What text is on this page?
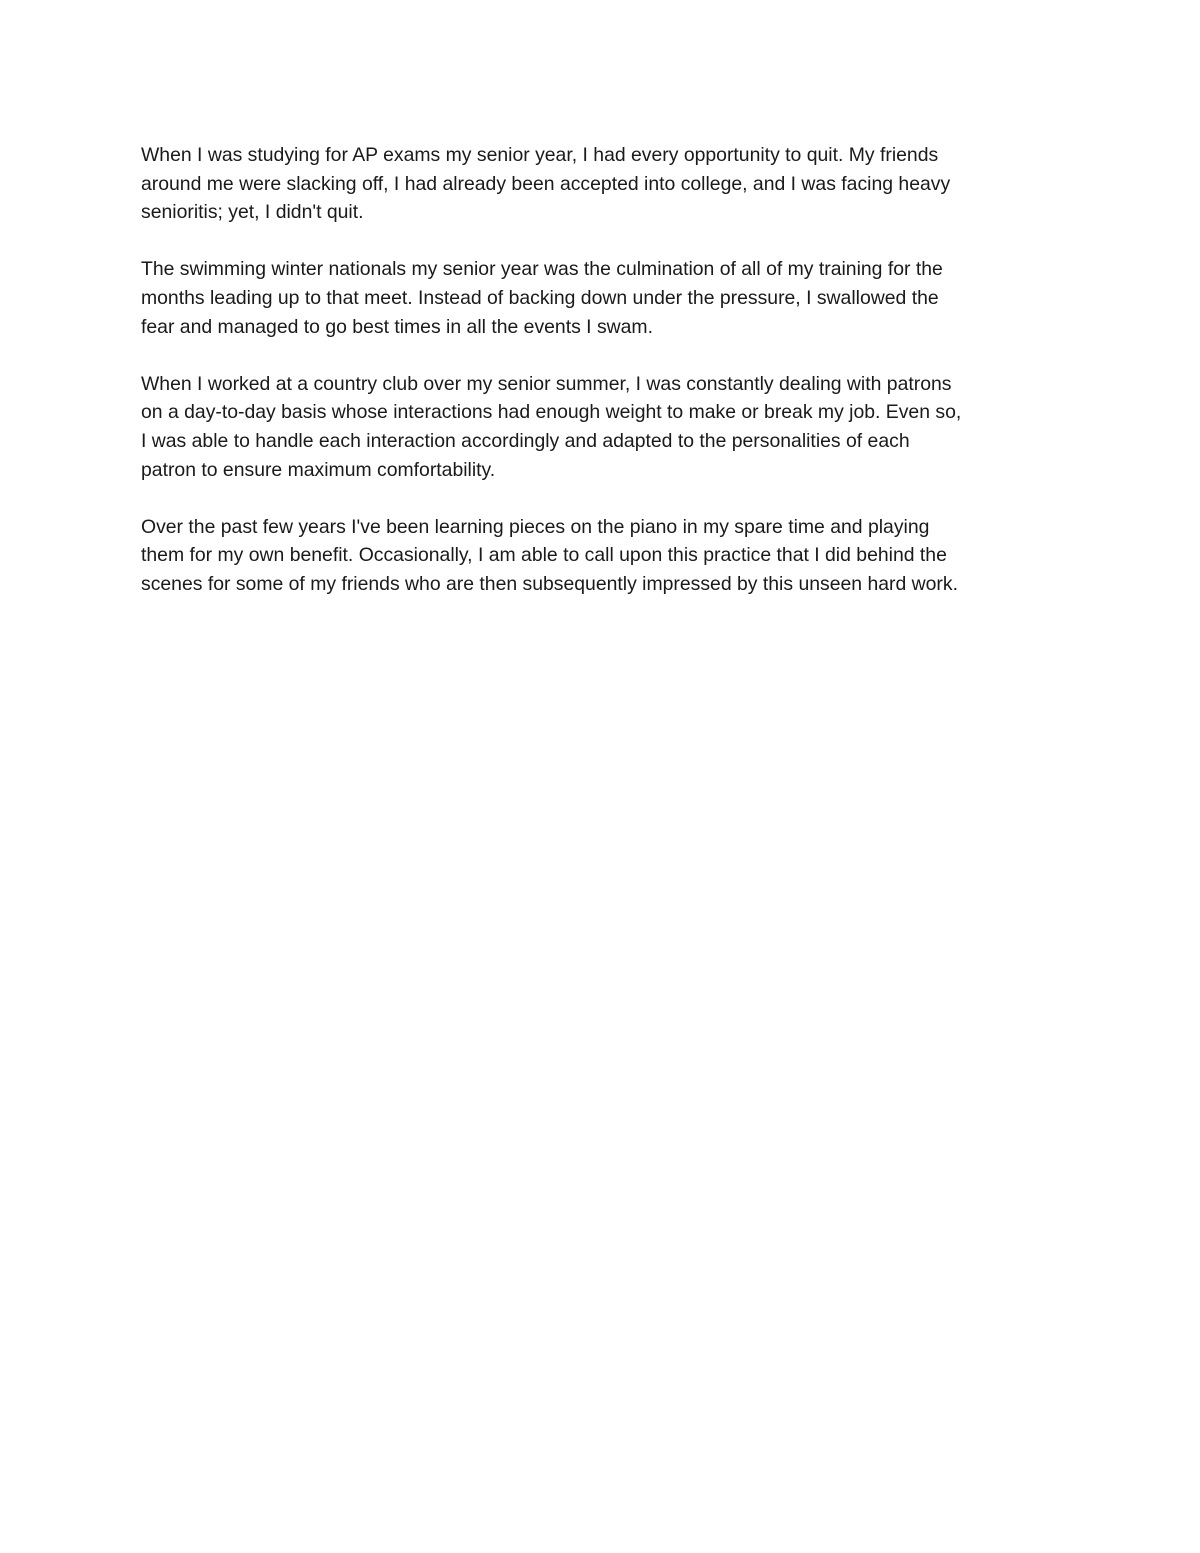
When I was studying for AP exams my senior year, I had every opportunity to quit. My friends
around me were slacking off, I had already been accepted into college, and I was facing heavy
senioritis; yet, I didn't quit.

The swimming winter nationals my senior year was the culmination of all of my training for the
months leading up to that meet. Instead of backing down under the pressure, I swallowed the
fear and managed to go best times in all the events I swam.

When I worked at a country club over my senior summer, I was constantly dealing with patrons
on a day-to-day basis whose interactions had enough weight to make or break my job. Even so,
I was able to handle each interaction accordingly and adapted to the personalities of each
patron to ensure maximum comfortability.

Over the past few years I've been learning pieces on the piano in my spare time and playing
them for my own benefit. Occasionally, I am able to call upon this practice that I did behind the
scenes for some of my friends who are then subsequently impressed by this unseen hard work.
